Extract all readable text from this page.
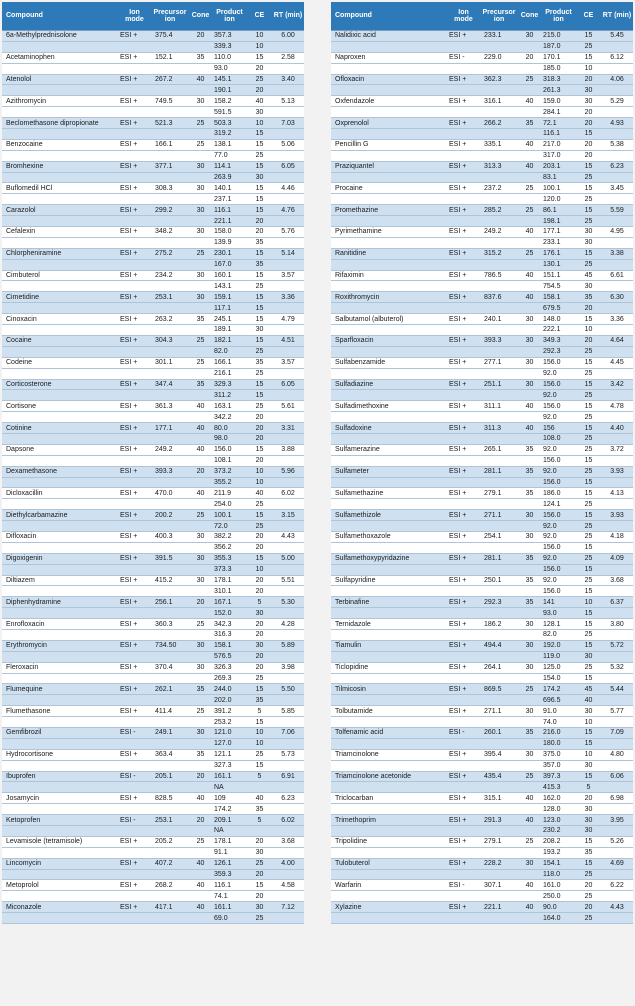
Compound	Ion mode	Precursor ion	Cone	Product ion	CE	RT (min)
6a-Methylprednisolone	ESI +	375.4	20	357.3	10	6.00
				339.3	10	
Acetaminophen	ESI +	152.1	35	110.0	15	2.58
				93.0	20	
Atenolol	ESI +	267.2	40	145.1	25	3.40
				190.1	20	
Azithromycin	ESI +	749.5	30	158.2	40	5.13
				591.5	30	
Beclomethasone dipropionate	ESI +	521.3	25	503.3	10	7.03
				319.2	15	
Benzocaine	ESI +	166.1	25	138.1	15	5.06
				77.0	25	
Bromhexine	ESI +	377.1	30	114.1	15	6.05
				263.9	30	
Buflomedil HCl	ESI +	308.3	30	140.1	15	4.46
				237.1	15	
Carazolol	ESI +	299.2	30	116.1	15	4.76
				221.1	20	
Cefalexin	ESI +	348.2	30	158.0	20	5.76
				139.9	35	
Chlorpheniramine	ESI +	275.2	25	230.1	15	5.14
				167.0	35	
Cimbuterol	ESI +	234.2	30	160.1	15	3.57
				143.1	25	
Cimetidine	ESI +	253.1	30	159.1	15	3.36
				117.1	15	
Cinoxacin	ESI +	263.2	35	245.1	15	4.79
				189.1	30	
Cocaine	ESI +	304.3	25	182.1	15	4.51
				82.0	25	
Codeine	ESI +	301.1	25	166.1	35	3.57
				216.1	25	
Corticosterone	ESI +	347.4	35	329.3	15	6.05
				311.2	15	
Cortisone	ESI +	361.3	40	163.1	25	5.61
				342.2	20	
Cotinine	ESI +	177.1	40	80.0	20	3.31
				98.0	20	
Dapsone	ESI +	249.2	40	156.0	15	3.88
				108.1	20	
Dexamethasone	ESI +	393.3	20	373.2	10	5.96
				355.2	10	
Dicloxacillin	ESI +	470.0	40	211.9	40	6.02
				254.0	25	
Diethylcarbamazine	ESI +	200.2	25	100.1	15	3.15
				72.0	25	
Difloxacin	ESI +	400.3	30	382.2	20	4.43
				356.2	20	
Digoxigenin	ESI +	391.5	30	355.3	15	5.00
				373.3	10	
Diltiazem	ESI +	415.2	30	178.1	20	5.51
				310.1	20	
Diphenhydramine	ESI +	256.1	20	167.1	5	5.30
				152.0	30	
Enrofloxacin	ESI +	360.3	25	342.3	20	4.28
				316.3	20	
Erythromycin	ESI +	734.50	30	158.1	30	5.89
				576.5	20	
Fleroxacin	ESI +	370.4	30	326.3	20	3.98
				269.3	25	
Flumequine	ESI +	262.1	35	244.0	15	5.50
				202.0	35	
Flumethasone	ESI +	411.4	25	391.2	5	5.85
				253.2	15	
Gemfibrozil	ESI -	249.1	30	121.0	10	7.06
				127.0	10	
Hydrocortisone	ESI +	363.4	35	121.1	25	5.73
				327.3	15	
Ibuprofen	ESI -	205.1	20	161.1	5	6.91
				NA		
Josamycin	ESI +	828.5	40	109	40	6.23
				174.2	35	
Ketoprofen	ESI -	253.1	20	209.1	5	6.02
				NA		
Levamisole (tetramisole)	ESI +	205.2	25	178.1	20	3.68
				91.1	30	
Lincomycin	ESI +	407.2	40	126.1	25	4.00
				359.3	20	
Metoprolol	ESI +	268.2	40	116.1	15	4.58
				74.1	20	
Miconazole	ESI +	417.1	40	161.1	30	7.12
				69.0	25	
Compound	Ion mode	Precursor ion	Cone	Product ion	CE	RT (min)
Nalidixic acid	ESI +	233.1	30	215.0	15	5.45
				187.0	25	
Naproxen	ESI -	229.0	20	170.1	15	6.12
				185.0	10	
Ofloxacin	ESI +	362.3	25	318.3	20	4.06
				261.3	30	
Oxfendazole	ESI +	316.1	40	159.0	30	5.29
				284.1	20	
Oxprenolol	ESI +	266.2	35	72.1	20	4.93
				116.1	15	
Pencillin G	ESI +	335.1	40	217.0	20	5.38
				317.0	20	
Praziquantel	ESI +	313.3	40	203.1	15	6.23
				83.1	25	
Procaine	ESI +	237.2	25	100.1	15	3.45
				120.0	25	
Promethazine	ESI +	285.2	25	86.1	15	5.59
				198.1	25	
Pyrimethamine	ESI +	249.2	40	177.1	30	4.95
				233.1	30	
Ranitidine	ESI +	315.2	25	176.1	15	3.38
				130.1	25	
Rifaximin	ESI +	786.5	40	151.1	45	6.61
				754.5	30	
Roxithromycin	ESI +	837.6	40	158.1	35	6.30
				679.5	20	
Salbutamol (albuterol)	ESI +	240.1	30	148.0	15	3.36
				222.1	10	
Sparfloxacin	ESI +	393.3	30	349.3	20	4.64
				292.3	25	
Sulfabenzamide	ESI +	277.1	30	156.0	15	4.45
				92.0	25	
Sulfadiazine	ESI +	251.1	30	156.0	15	3.42
				92.0	25	
Sulfadimethoxine	ESI +	311.1	40	156.0	15	4.78
				92.0	25	
Sulfadoxine	ESI +	311.3	40	156	15	4.40
				108.0	25	
Sulfamerazine	ESI +	265.1	35	92.0	25	3.72
				156.0	15	
Sulfameter	ESI +	281.1	35	92.0	25	3.93
				156.0	15	
Sulfamethazine	ESI +	279.1	35	186.0	15	4.13
				124.1	25	
Sulfamethizole	ESI +	271.1	30	156.0	15	3.93
				92.0	25	
Sulfamethoxazole	ESI +	254.1	30	92.0	25	4.18
				156.0	15	
Sulfamethoxypyridazine	ESI +	281.1	35	92.0	25	4.09
				156.0	15	
Sulfapyridine	ESI +	250.1	35	92.0	25	3.68
				156.0	15	
Terbinafine	ESI +	292.3	35	141	10	6.37
				93.0	15	
Ternidazole	ESI +	186.2	30	128.1	15	3.80
				82.0	25	
Tiamulin	ESI +	494.4	30	192.0	15	5.72
				119.0	30	
Ticlopidine	ESI +	264.1	30	125.0	25	5.32
				154.0	15	
Tilmicosin	ESI +	869.5	25	174.2	45	5.44
				696.5	40	
Tolbutamide	ESI +	271.1	30	91.0	30	5.77
				74.0	10	
Tolfenamic acid	ESI -	260.1	35	216.0	15	7.09
				180.0	15	
Triamcinolone	ESI +	395.4	30	375.0	10	4.80
				357.0	30	
Triamcinolone acetonide	ESI +	435.4	25	397.3	15	6.06
				415.3	5	
Triclocarban	ESI +	315.1	40	162.0	20	6.98
				128.0	30	
Trimethoprim	ESI +	291.3	40	123.0	30	3.95
				230.2	30	
Tripolidine	ESI +	279.1	25	208.2	15	5.26
				193.2	35	
Tulobuterol	ESI +	228.2	30	154.1	15	4.69
				118.0	25	
Warfarin	ESI -	307.1	40	161.0	20	6.22
				250.0	25	
Xylazine	ESI +	221.1	40	90.0	20	4.43
				164.0	25	
